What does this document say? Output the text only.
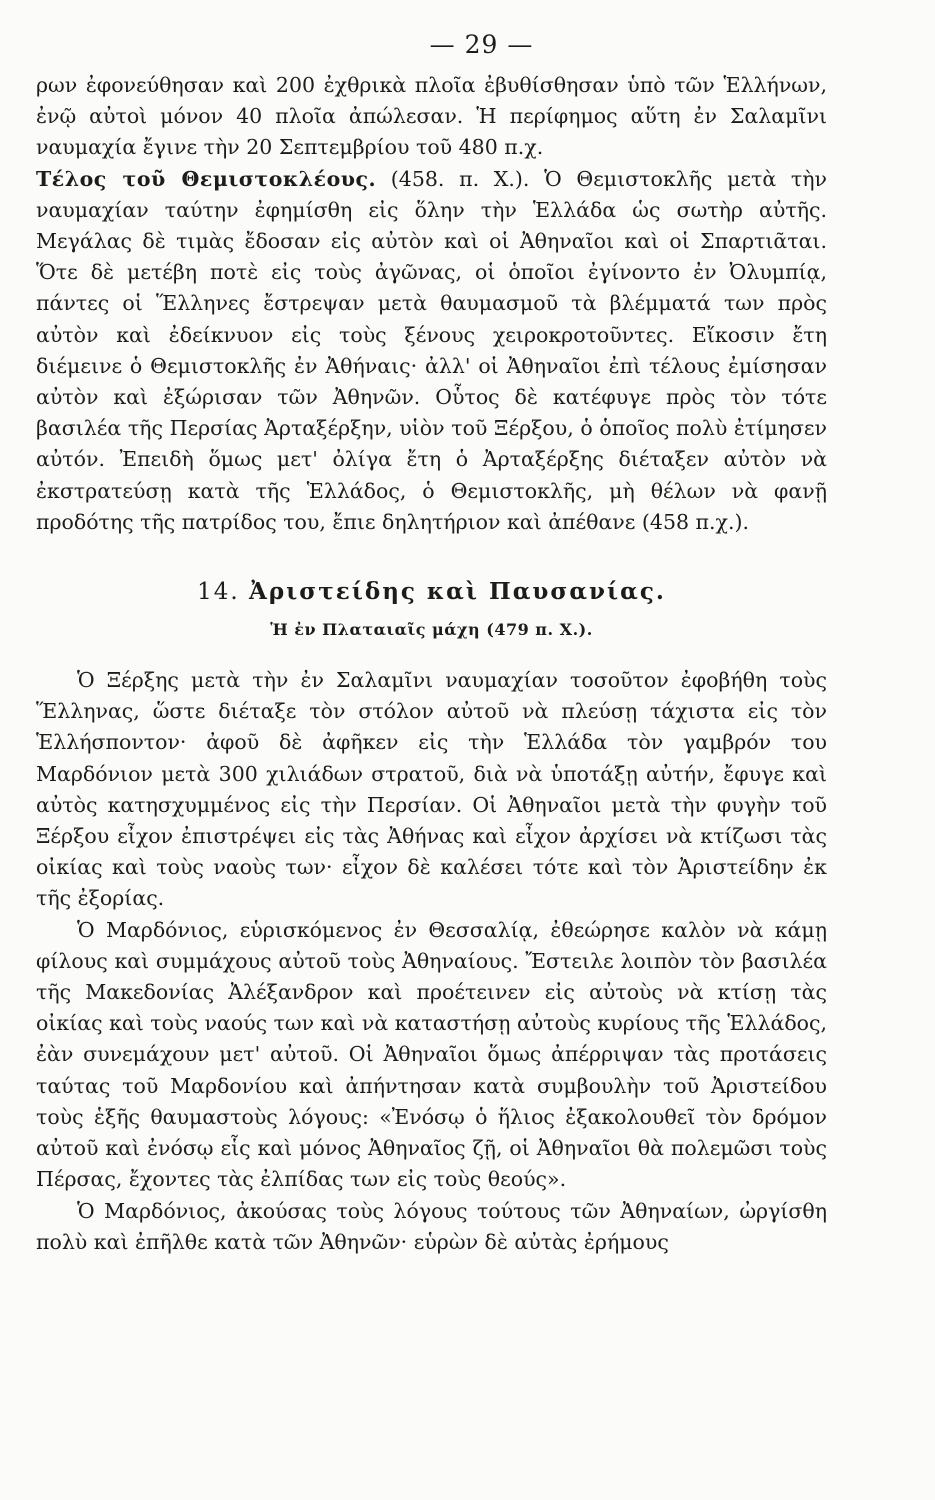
— 29 —

ρων ἐφονεύθησαν καὶ 200 ἐχθρικὰ πλοῖα ἐβυθίσθησαν ὑπὸ τῶν Ἑλλήνων, ἐνῷ αὐτοὶ μόνον 40 πλοῖα ἀπώλεσαν. Ἡ περίφημος αὕτη ἐν Σαλαμῖνι ναυμαχία ἔγινε τὴν 20 Σεπτεμβρίου τοῦ 480 π.χ.

Τέλος τοῦ Θεμιστοκλέους. (458. π. Χ.). Ὁ Θεμιστοκλῆς μετὰ τὴν ναυμαχίαν ταύτην ἐφημίσθη εἰς ὅλην τὴν Ἑλλάδα ὡς σωτὴρ αὐτῆς. Μεγάλας δὲ τιμὰς ἔδοσαν εἰς αὐτὸν καὶ οἱ Ἀθηναῖοι καὶ οἱ Σπαρτιᾶται. Ὅτε δὲ μετέβη ποτὲ εἰς τοὺς ἀγῶνας, οἱ ὁποῖοι ἐγίνοντο ἐν Ὀλυμπίᾳ, πάντες οἱ Ἕλληνες ἔστρεψαν μετὰ θαυμασμοῦ τὰ βλέμματά των πρὸς αὐτὸν καὶ ἐδείκνυον εἰς τοὺς ξένους χειροκροτοῦντες. Εἴκοσιν ἔτη διέμεινε ὁ Θεμιστοκλῆς ἐν Ἀθήναις· ἀλλ' οἱ Ἀθηναῖοι ἐπὶ τέλους ἐμίσησαν αὐτὸν καὶ ἐξώρισαν τῶν Ἀθηνῶν. Οὗτος δὲ κατέφυγε πρὸς τὸν τότε βασιλέα τῆς Περσίας Ἀρταξέρξην, υἱὸν τοῦ Ξέρξου, ὁ ὁποῖος πολὺ ἐτίμησεν αὐτόν. Ἐπειδὴ ὅμως μετ' ὀλίγα ἔτη ὁ Ἀρταξέρξης διέταξεν αὐτὸν νὰ ἐκστρατεύσῃ κατὰ τῆς Ἑλλάδος, ὁ Θεμιστοκλῆς, μὴ θέλων νὰ φανῇ προδότης τῆς πατρίδος του, ἔπιε δηλητήριον καὶ ἀπέθανε (458 π.χ.).

14. Ἀριστείδης καὶ Παυσανίας.
Ἡ ἐν Πλαταιαῖς μάχη (479 π. Χ.).

Ὁ Ξέρξης μετὰ τὴν ἐν Σαλαμῖνι ναυμαχίαν τοσοῦτον ἐφοβήθη τοὺς Ἕλληνας, ὥστε διέταξε τὸν στόλον αὐτοῦ νὰ πλεύσῃ τάχιστα εἰς τὸν Ἑλλήσποντον· ἀφοῦ δὲ ἀφῆκεν εἰς τὴν Ἑλλάδα τὸν γαμβρόν του Μαρδόνιον μετὰ 300 χιλιάδων στρατοῦ, διὰ νὰ ὑποτάξῃ αὐτήν, ἔφυγε καὶ αὐτὸς κατησχυμμένος εἰς τὴν Περσίαν. Οἱ Ἀθηναῖοι μετὰ τὴν φυγὴν τοῦ Ξέρξου εἶχον ἐπιστρέψει εἰς τὰς Ἀθήνας καὶ εἶχον ἀρχίσει νὰ κτίζωσι τὰς οἰκίας καὶ τοὺς ναοὺς των· εἶχον δὲ καλέσει τότε καὶ τὸν Ἀριστείδην ἐκ τῆς ἐξορίας.

Ὁ Μαρδόνιος, εὑρισκόμενος ἐν Θεσσαλίᾳ, ἐθεώρησε καλὸν νὰ κάμῃ φίλους καὶ συμμάχους αὐτοῦ τοὺς Ἀθηναίους. Ἔστειλε λοιπὸν τὸν βασιλέα τῆς Μακεδονίας Ἀλέξανδρον καὶ προέτεινεν εἰς αὐτοὺς νὰ κτίσῃ τὰς οἰκίας καὶ τοὺς ναούς των καὶ νὰ καταστήσῃ αὐτοὺς κυρίους τῆς Ἑλλάδος, ἐὰν συνεμάχουν μετ' αὐτοῦ. Οἱ Ἀθηναῖοι ὅμως ἀπέρριψαν τὰς προτάσεις ταύτας τοῦ Μαρδονίου καὶ ἀπήντησαν κατὰ συμβουλὴν τοῦ Ἀριστείδου τοὺς ἑξῆς θαυμαστοὺς λόγους: «Ἐνόσῳ ὁ ἥλιος ἐξακολουθεῖ τὸν δρόμον αὐτοῦ καὶ ἐνόσῳ εἷς καὶ μόνος Ἀθηναῖος ζῇ, οἱ Ἀθηναῖοι θὰ πολεμῶσι τοὺς Πέρσας, ἔχοντες τὰς ἐλπίδας των εἰς τοὺς θεούς».

Ὁ Μαρδόνιος, ἀκούσας τοὺς λόγους τούτους τῶν Ἀθηναίων, ὠργίσθη πολὺ καὶ ἐπῆλθε κατὰ τῶν Ἀθηνῶν· εὑρὼν δὲ αὐτὰς ἐρήμους
